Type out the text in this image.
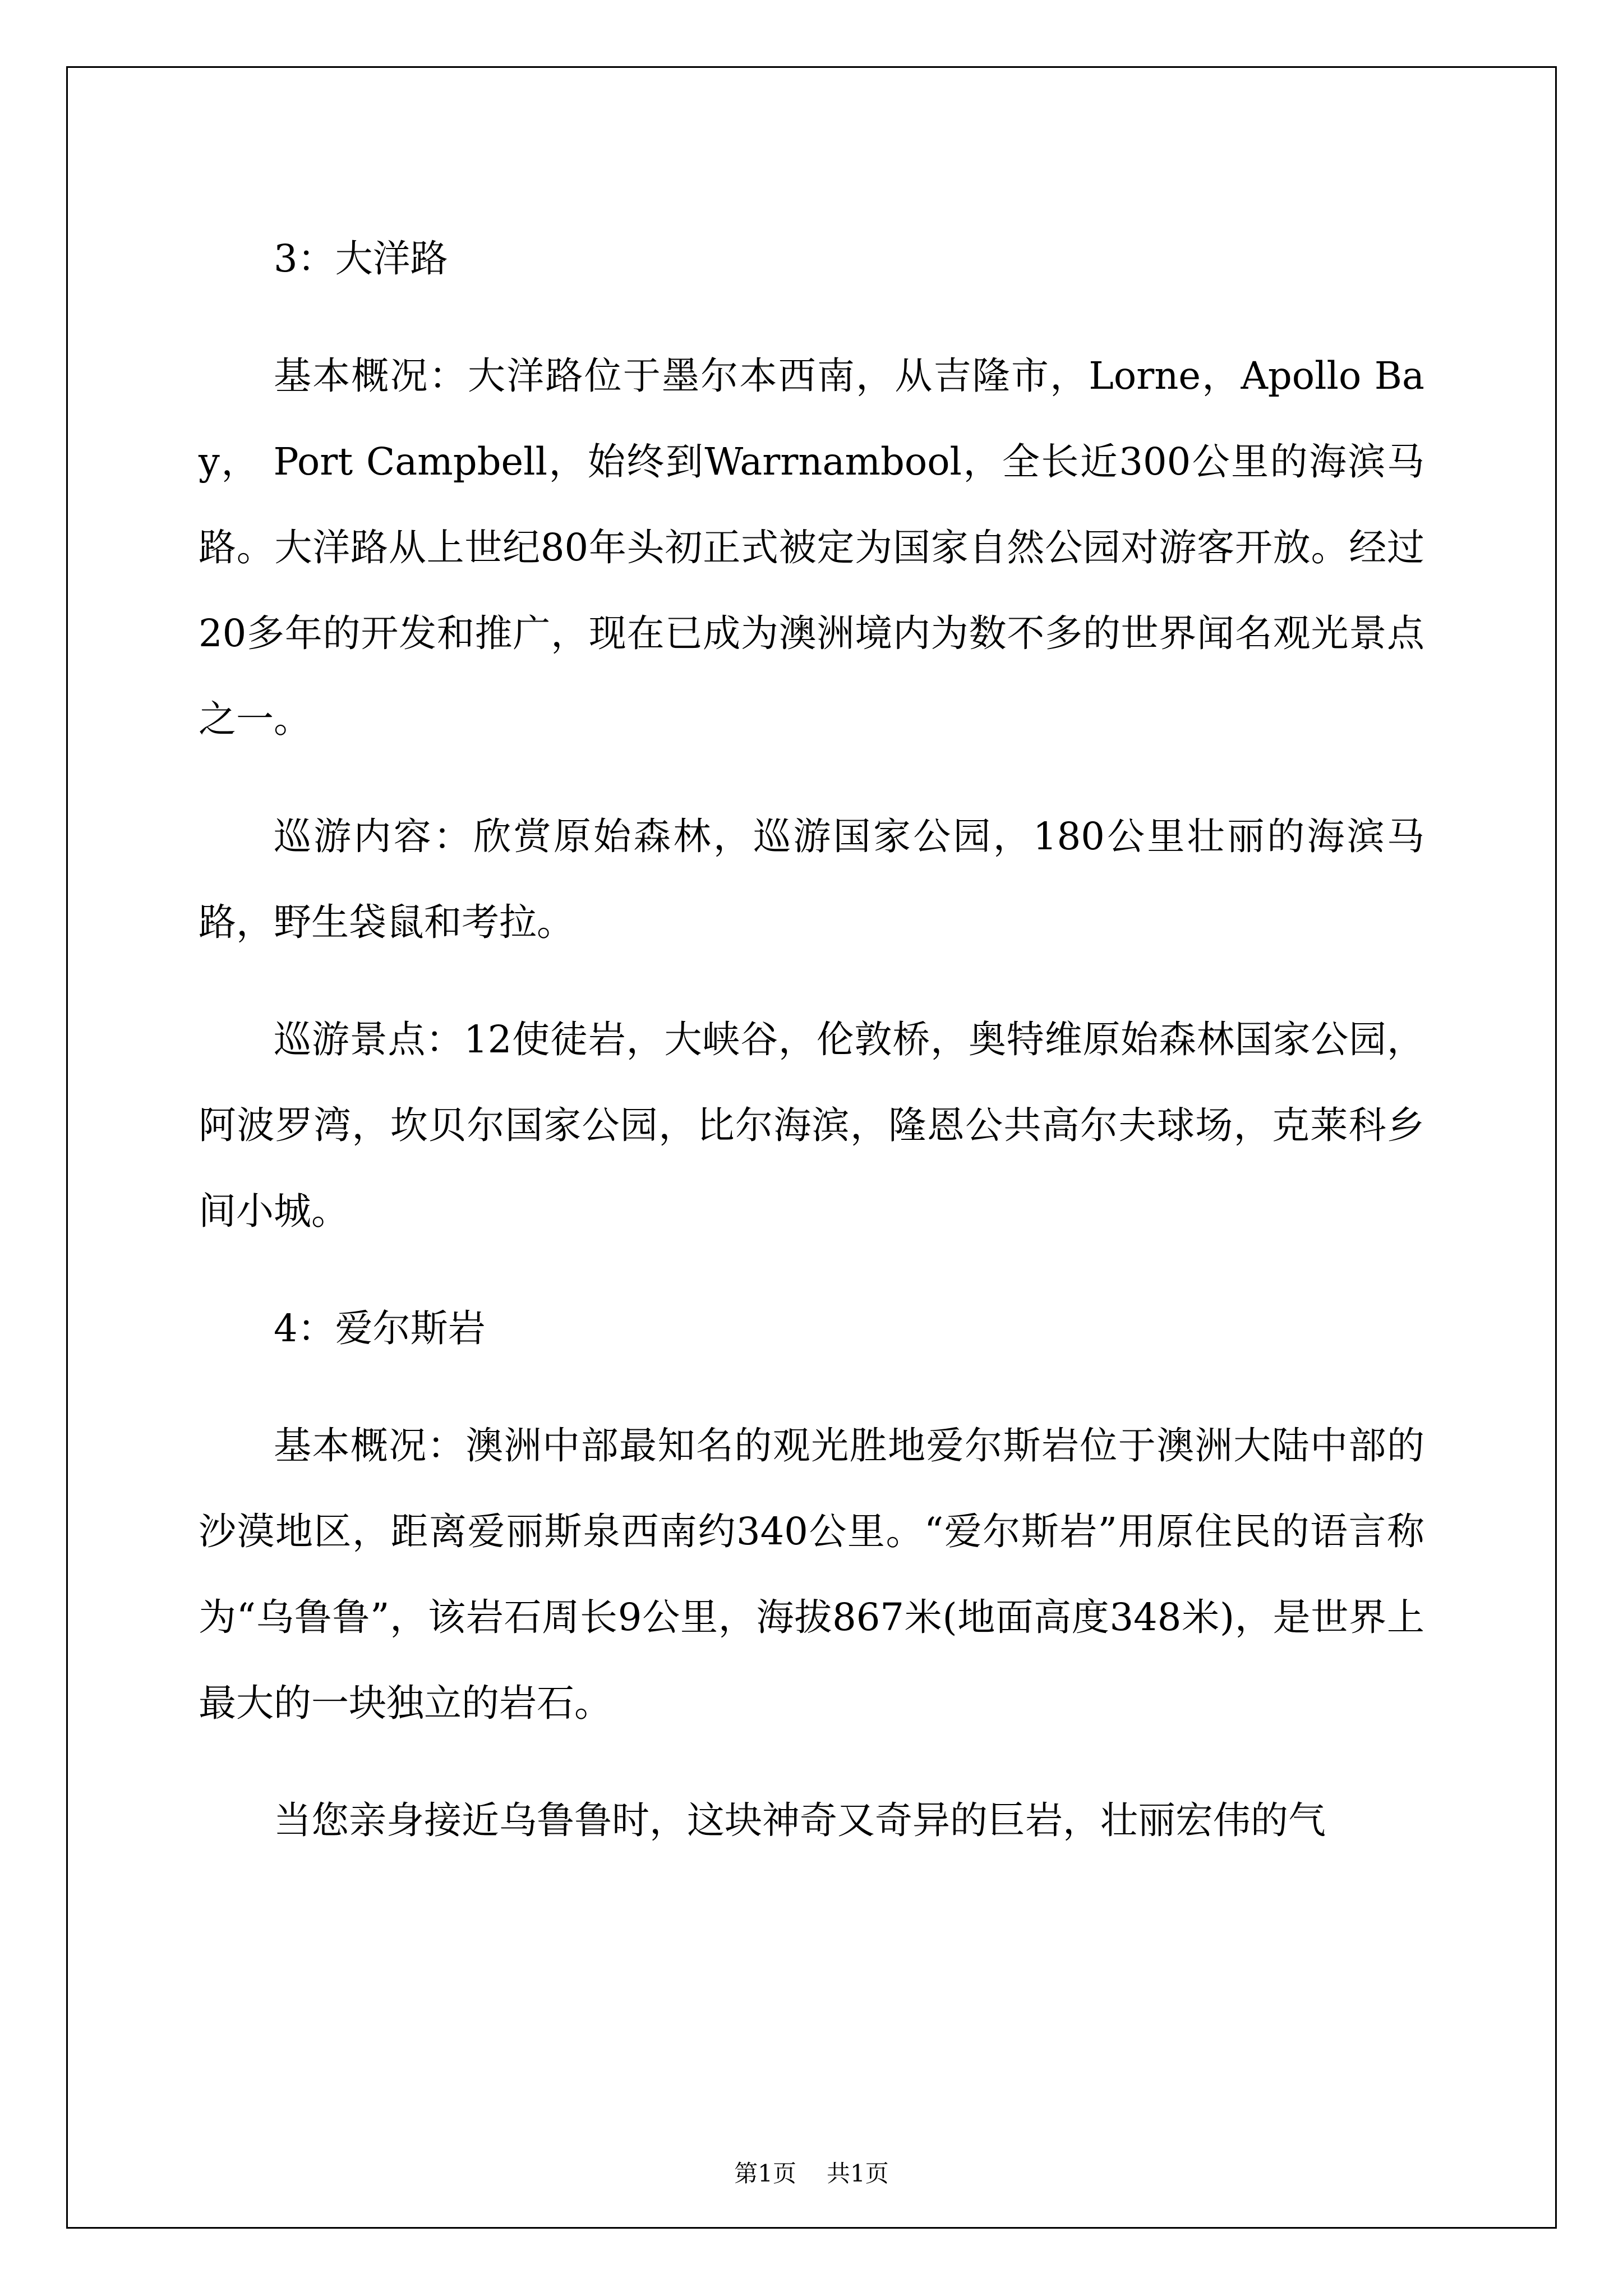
3：大洋路

基本概况：大洋路位于墨尔本西南，从吉隆市，Lorne，Apollo Bay， Port Campbell，始终到Warrnambool，全长近300公里的海滨马路。大洋路从上世纪80年头初正式被定为国家自然公园对游客开放。经过20多年的开发和推广，现在已成为澳洲境内为数不多的世界闻名观光景点之一。

巡游内容：欣赏原始森林，巡游国家公园，180公里壮丽的海滨马路，野生袋鼠和考拉。

巡游景点：12使徒岩，大峡谷，伦敦桥，奥特维原始森林国家公园，阿波罗湾，坎贝尔国家公园，比尔海滨，隆恩公共高尔夫球场，克莱科乡间小城。

4：爱尔斯岩

基本概况：澳洲中部最知名的观光胜地爱尔斯岩位于澳洲大陆中部的沙漠地区，距离爱丽斯泉西南约340公里。“爱尔斯岩”用原住民的语言称为“乌鲁鲁”，该岩石周长9公里，海拔867米(地面高度348米)，是世界上最大的一块独立的岩石。

当您亲身接近乌鲁鲁时，这块神奇又奇异的巨岩，壮丽宏伟的气

第1页 共1页
